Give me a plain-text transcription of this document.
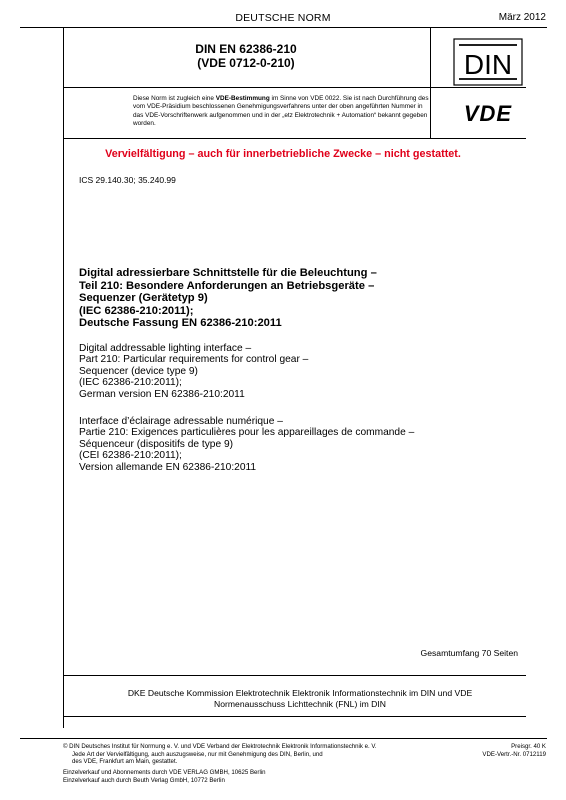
DEUTSCHE NORM	März 2012
DIN EN 62386-210
(VDE 0712-0-210)	DIN
Diese Norm ist zugleich eine VDE-Bestimmung im Sinne von VDE 0022. Sie ist nach Durchführung des vom VDE-Präsidium beschlossenen Genehmigungsverfahrens unter der oben angeführten Nummer in das VDE-Vorschriftenwerk aufgenommen und in der „etz Elektrotechnik + Automation“ bekannt gegeben worden.	VDE
Vervielfältigung – auch für innerbetriebliche Zwecke – nicht gestattet.
ICS 29.140.30; 35.240.99
Digital adressierbare Schnittstelle für die Beleuchtung –
Teil 210: Besondere Anforderungen an Betriebsgeräte –
Sequenzer (Gerätetyp 9)
(IEC 62386-210:2011);
Deutsche Fassung EN 62386-210:2011
Digital addressable lighting interface –
Part 210: Particular requirements for control gear –
Sequencer (device type 9)
(IEC 62386-210:2011);
German version EN 62386-210:2011
Interface d’éclairage adressable numérique –
Partie 210: Exigences particulières pour les appareillages de commande –
Séquenceur (dispositifs de type 9)
(CEI 62386-210:2011);
Version allemande EN 62386-210:2011
Gesamtumfang 70 Seiten
DKE Deutsche Kommission Elektrotechnik Elektronik Informationstechnik im DIN und VDE
Normenausschuss Lichttechnik (FNL) im DIN
© DIN Deutsches Institut für Normung e. V. und VDE Verband der Elektrotechnik Elektronik Informationstechnik e. V.
Jede Art der Vervielfältigung, auch auszugsweise, nur mit Genehmigung des DIN, Berlin, und
des VDE, Frankfurt am Main, gestattet.
Preisgr. 40 K
VDE-Vertr.-Nr. 0712119
Einzelverkauf und Abonnements durch VDE VERLAG GMBH, 10625 Berlin
Einzelverkauf auch durch Beuth Verlag GmbH, 10772 Berlin
